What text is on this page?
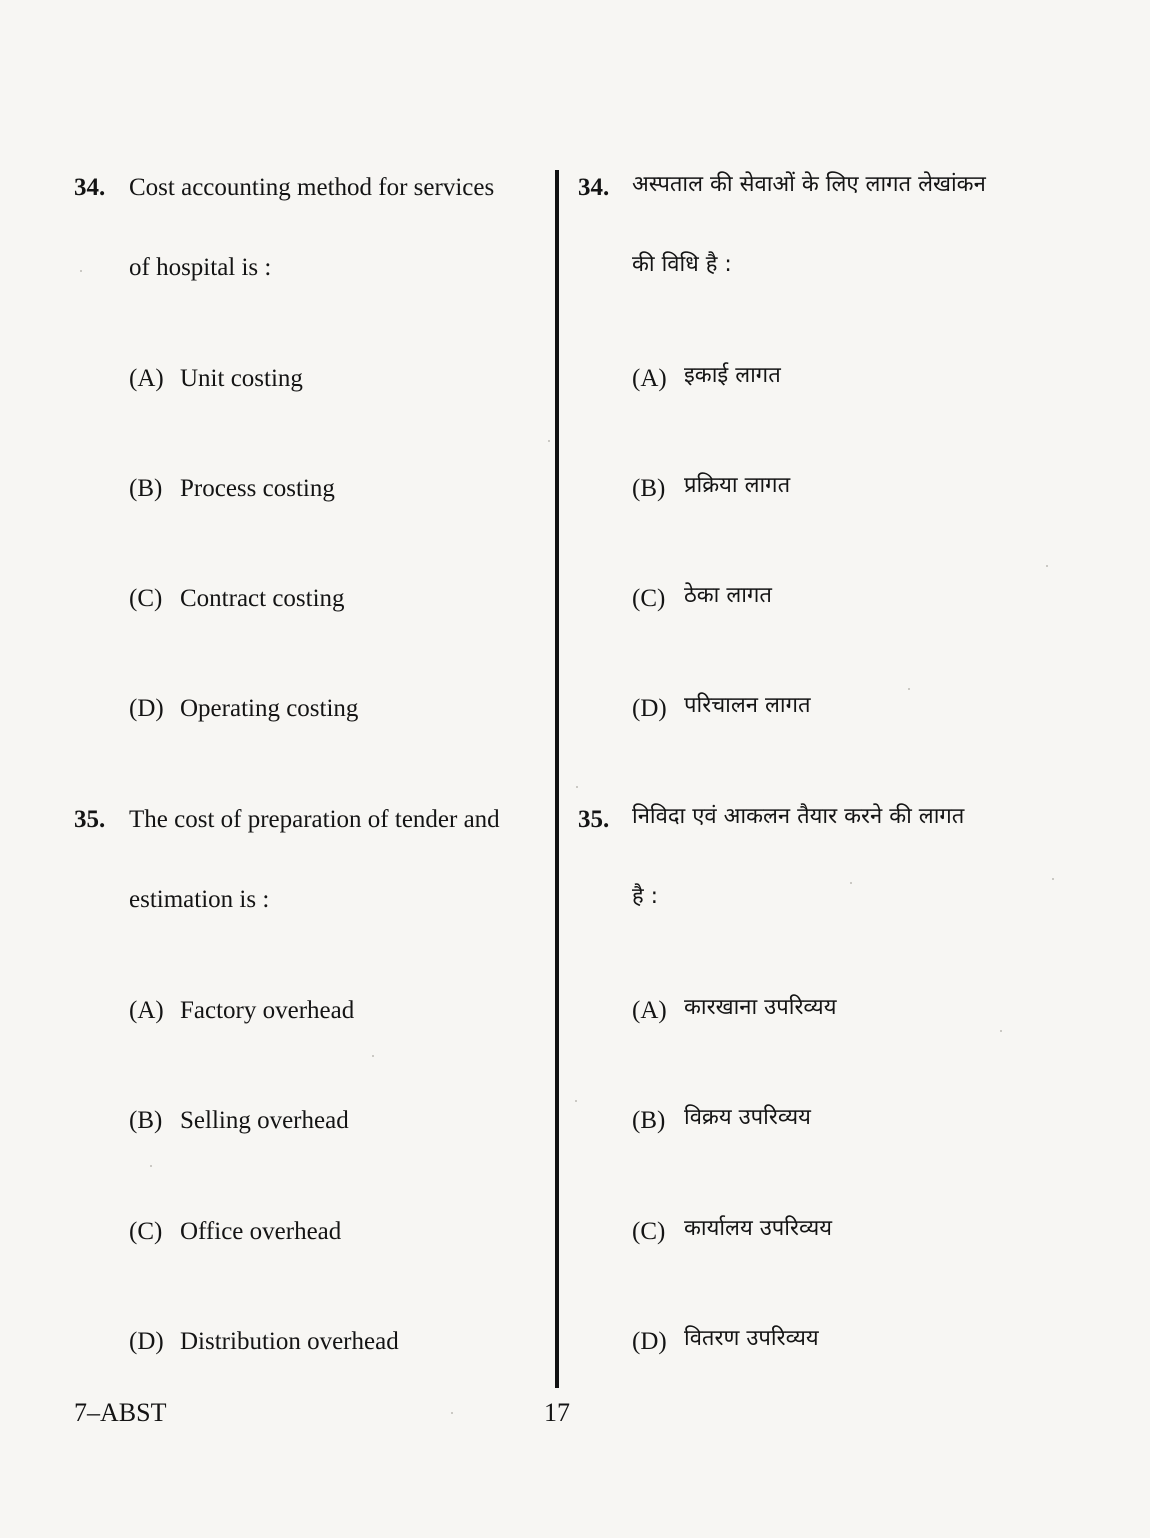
34. Cost accounting method for services
of hospital is :
(A) Unit costing
(B) Process costing
(C) Contract costing
(D) Operating costing
35. The cost of preparation of tender and
estimation is :
(A) Factory overhead
(B) Selling overhead
(C) Office overhead
(D) Distribution overhead
34. अस्पताल की सेवाओं के लिए लागत लेखांकन
की विधि है :
(A) इकाई लागत
(B) प्रक्रिया लागत
(C) ठेका लागत
(D) परिचालन लागत
35. निविदा एवं आकलन तैयार करने की लागत
है :
(A) कारखाना उपरिव्यय
(B) विक्रय उपरिव्यय
(C) कार्यालय उपरिव्यय
(D) वितरण उपरिव्यय
7–ABST	17
